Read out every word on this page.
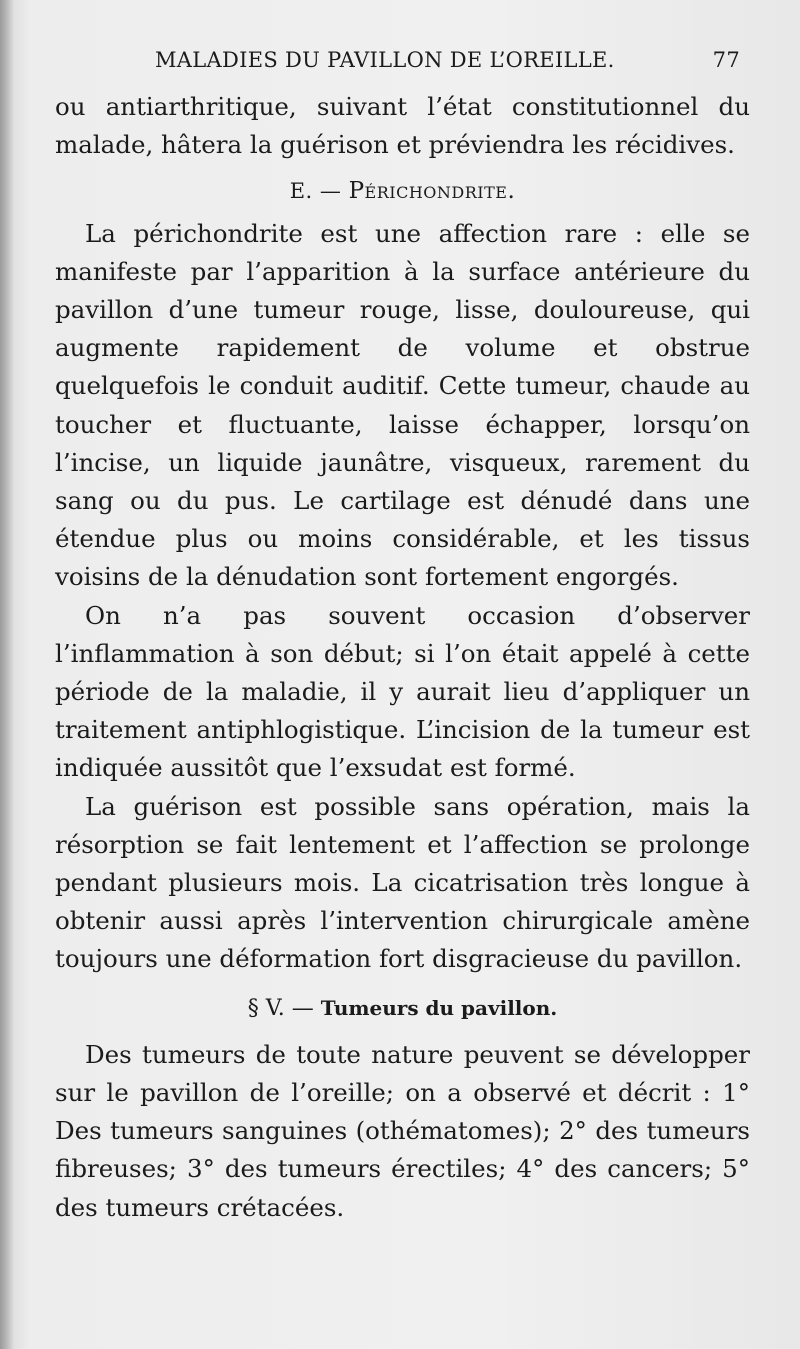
MALADIES DU PAVILLON DE L’OREILLE.	77

ou antiarthritique, suivant l’état constitutionnel du malade, hâtera la guérison et préviendra les récidives.

E. — Périchondrite.

La périchondrite est une affection rare : elle se manifeste par l’apparition à la surface antérieure du pavillon d’une tumeur rouge, lisse, douloureuse, qui augmente rapidement de volume et obstrue quelquefois le conduit auditif. Cette tumeur, chaude au toucher et fluctuante, laisse échapper, lorsqu’on l’incise, un liquide jaunâtre, visqueux, rarement du sang ou du pus. Le cartilage est dénudé dans une étendue plus ou moins considérable, et les tissus voisins de la dénudation sont fortement engorgés.

On n’a pas souvent occasion d’observer l’inflammation à son début; si l’on était appelé à cette période de la maladie, il y aurait lieu d’appliquer un traitement antiphlogistique. L’incision de la tumeur est indiquée aussitôt que l’exsudat est formé.

La guérison est possible sans opération, mais la résorption se fait lentement et l’affection se prolonge pendant plusieurs mois. La cicatrisation très longue à obtenir aussi après l’intervention chirurgicale amène toujours une déformation fort disgracieuse du pavillon.

§ V. — Tumeurs du pavillon.

Des tumeurs de toute nature peuvent se développer sur le pavillon de l’oreille; on a observé et décrit : 1° Des tumeurs sanguines (othématomes); 2° des tumeurs fibreuses; 3° des tumeurs érectiles; 4° des cancers; 5° des tumeurs crétacées.
